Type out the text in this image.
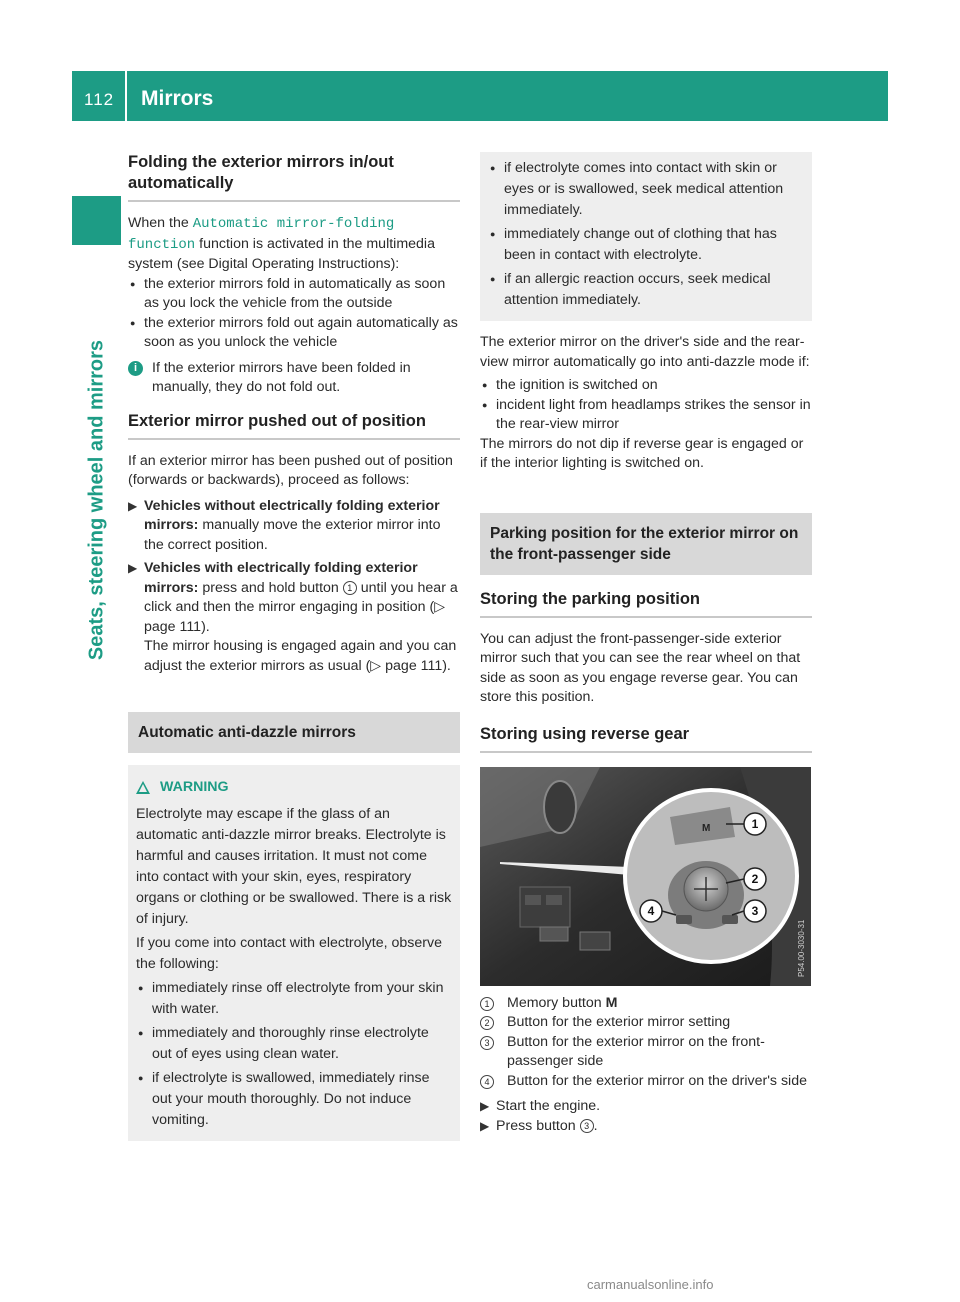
112 Mirrors
Seats, steering wheel and mirrors
Folding the exterior mirrors in/out automatically

When the Automatic mirror-folding function function is activated in the multimedia system (see Digital Operating Instructions):

● the exterior mirrors fold in automatically as soon as you lock the vehicle from the outside
● the exterior mirrors fold out again automatically as soon as you unlock the vehicle
i	If the exterior mirrors have been folded in manually, they do not fold out.
Exterior mirror pushed out of position

If an exterior mirror has been pushed out of position (forwards or backwards), proceed as follows:

▶ Vehicles without electrically folding exterior mirrors: manually move the exterior mirror into the correct position.
▶ Vehicles with electrically folding exterior mirrors: press and hold button 1 until you hear a click and then the mirror engaging in position (▷ page 111).
The mirror housing is engaged again and you can adjust the exterior mirrors as usual (▷ page 111).
Automatic anti-dazzle mirrors
WARNING

Electrolyte may escape if the glass of an automatic anti-dazzle mirror breaks. Electrolyte is harmful and causes irritation. It must not come into contact with your skin, eyes, respiratory organs or clothing or be swallowed. There is a risk of injury.

If you come into contact with electrolyte, observe the following:

● immediately rinse off electrolyte from your skin with water.
● immediately and thoroughly rinse electrolyte out of eyes using clean water.
● if electrolyte is swallowed, immediately rinse out your mouth thoroughly. Do not induce vomiting.
● if electrolyte comes into contact with skin or eyes or is swallowed, seek medical attention immediately.
● immediately change out of clothing that has been in contact with electrolyte.
● if an allergic reaction occurs, seek medical attention immediately.

The exterior mirror on the driver's side and the rear-view mirror automatically go into anti-dazzle mode if:

● the ignition is switched on
● incident light from headlamps strikes the sensor in the rear-view mirror

The mirrors do not dip if reverse gear is engaged or if the interior lighting is switched on.

Parking position for the exterior mirror on the front-passenger side
Storing the parking position

You can adjust the front-passenger-side exterior mirror such that you can see the rear wheel on that side as soon as you engage reverse gear. You can store this position.

Storing using reverse gear
M	1
2
3
4
P54.00-3030-31
1	Memory button M
2	Button for the exterior mirror setting
3	Button for the exterior mirror on the front-passenger side
4	Button for the exterior mirror on the driver's side
▶ Start the engine.
▶ Press button 3 .
carmanualsonline.info
